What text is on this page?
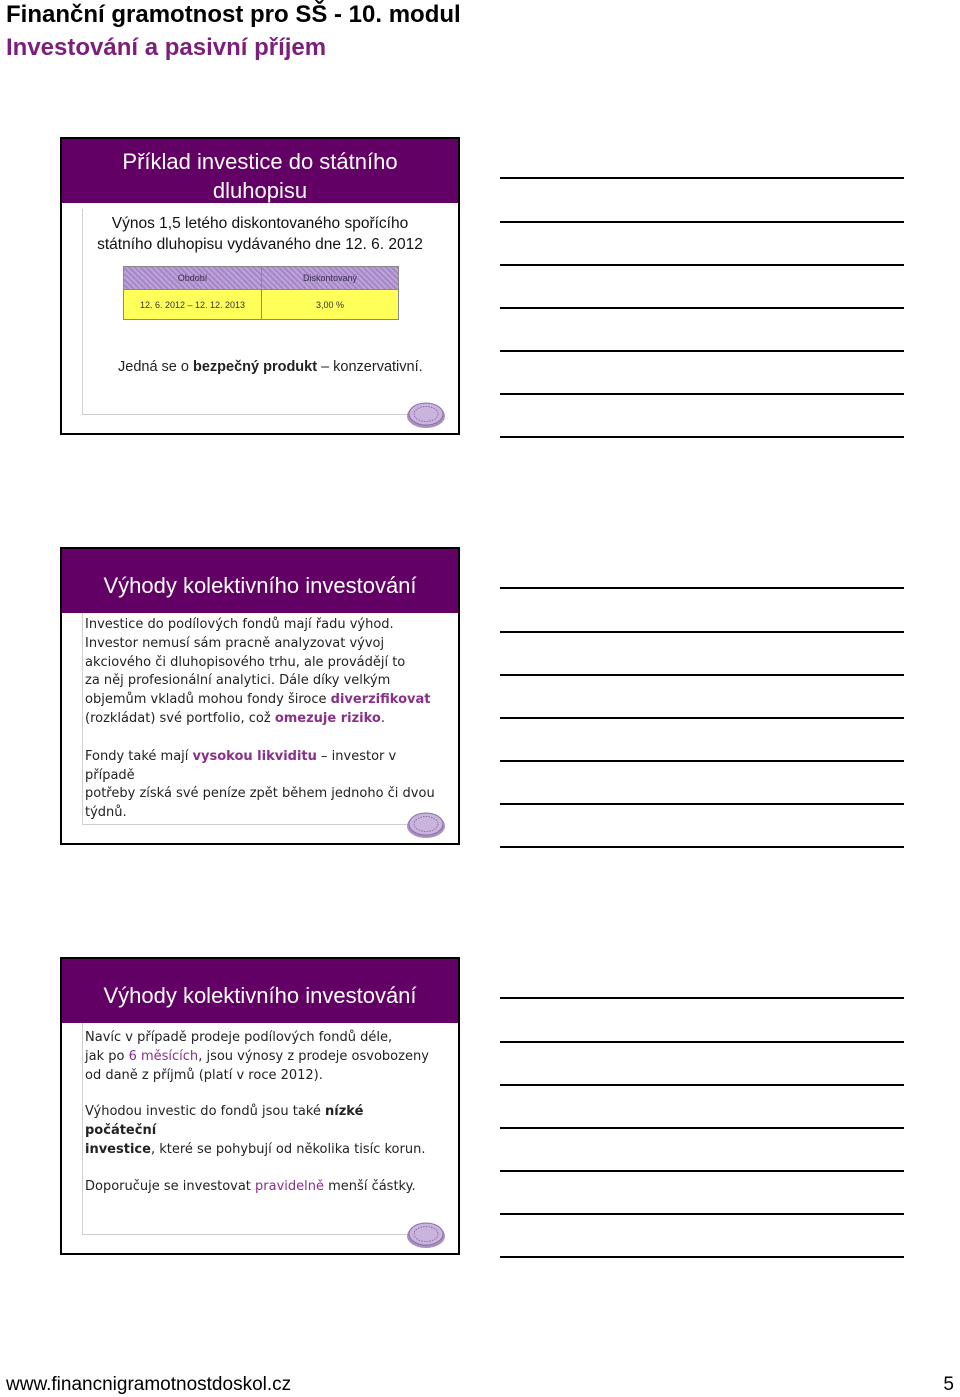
Finanční gramotnost pro SŠ - 10. modul
Investování a pasivní příjem
Příklad investice do státního
dluhopisu
Výnos 1,5 letého diskontovaného spořícího
státního dluhopisu vydávaného dne 12. 6. 2012
Období	Diskontovaný
12. 6. 2012 – 12. 12. 2013	3,00 %
Jedná se o bezpečný produkt – konzervativní.
Výhody kolektivního investování

Investice do podílových fondů mají řadu výhod.
Investor nemusí sám pracně analyzovat vývoj
akciového či dluhopisového trhu, ale provádějí to
za něj profesionální analytici. Dále díky velkým
objemům vkladů mohou fondy široce diverzifikovat
(rozkládat) své portfolio, což omezuje riziko.

Fondy také mají vysokou likviditu – investor v případě
potřeby získá své peníze zpět během jednoho či dvou
týdnů.

Výhody kolektivního investování

Navíc v případě prodeje podílových fondů déle,
jak po 6 měsících, jsou výnosy z prodeje osvobozeny
od daně z příjmů (platí v roce 2012).

Výhodou investic do fondů jsou také nízké počáteční
investice, které se pohybují od několika tisíc korun.

Doporučuje se investovat pravidelně menší částky.

www.financnigramotnostdoskol.cz	5
